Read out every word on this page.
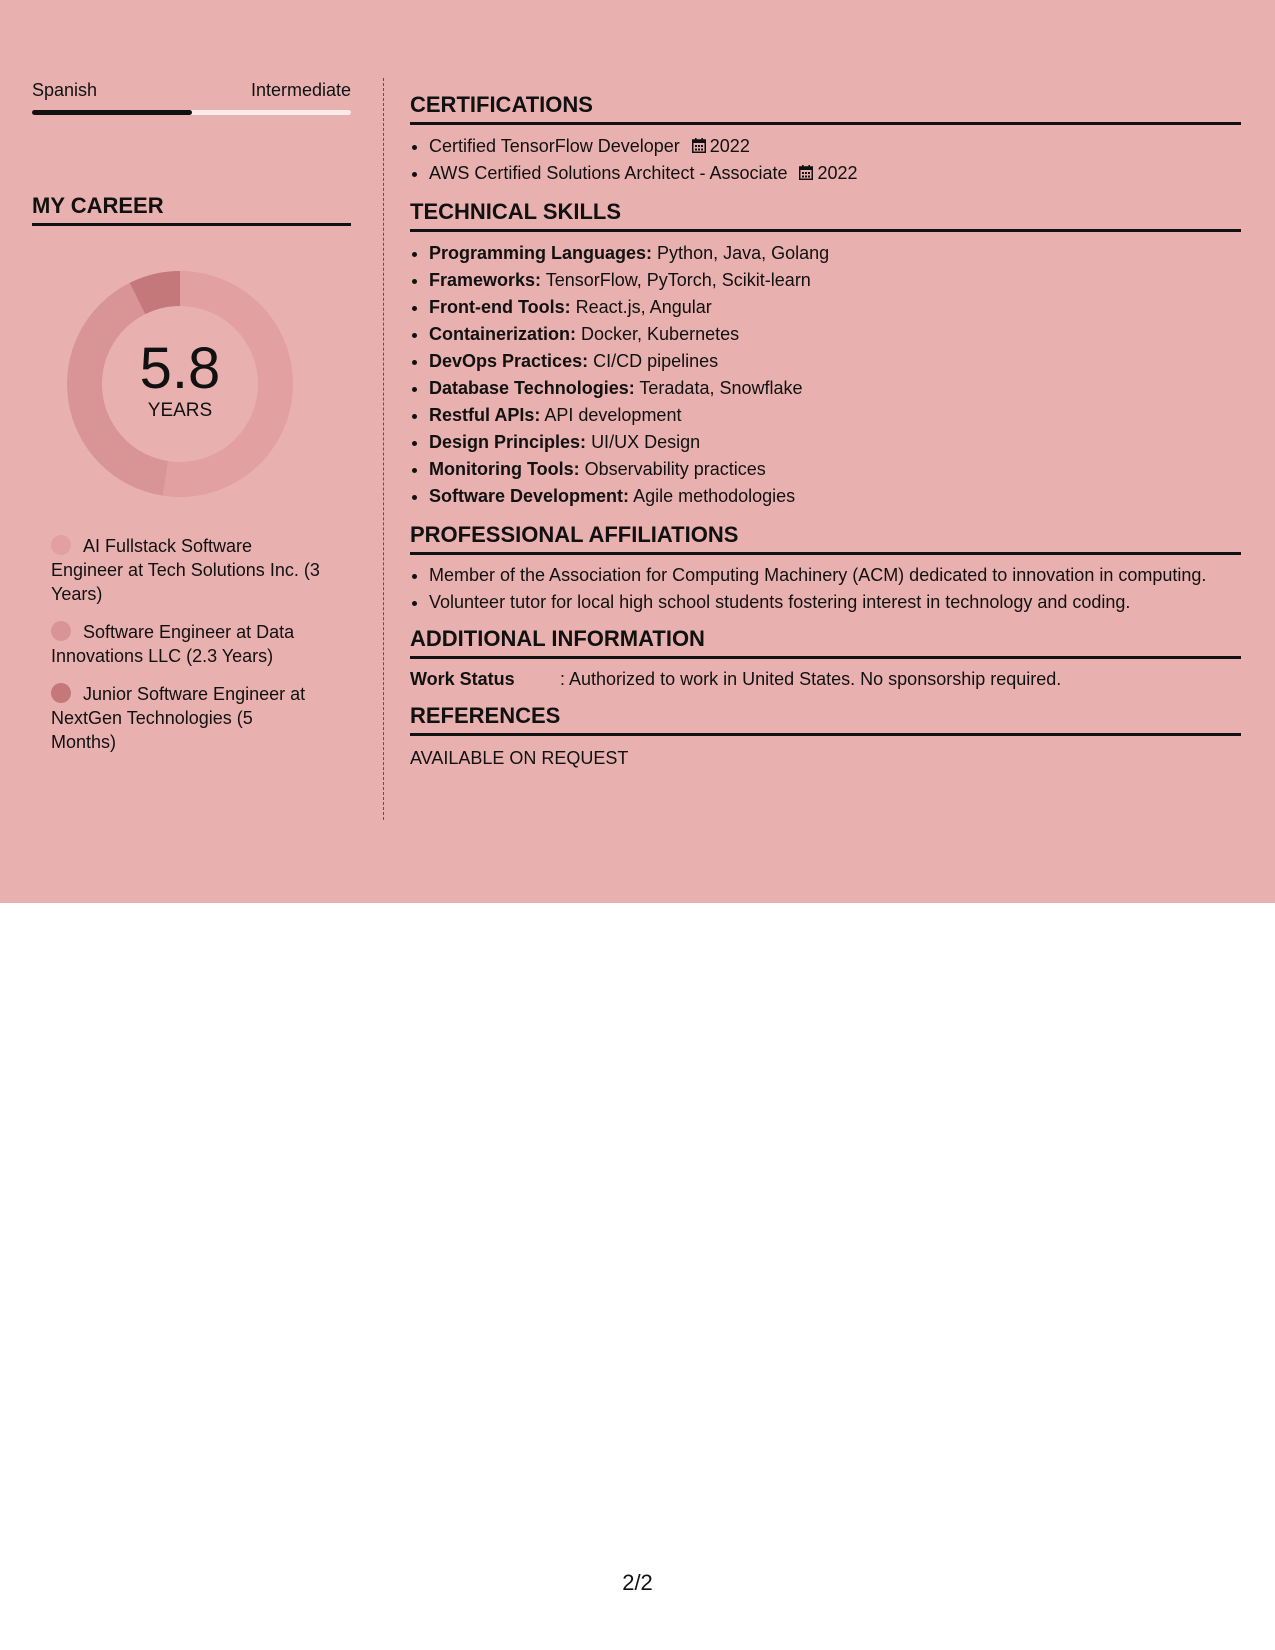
Spanish	Intermediate
MY CAREER
5.8
YEARS
AI Fullstack Software Engineer at Tech Solutions Inc. (3 Years)
Software Engineer at Data Innovations LLC (2.3 Years)
Junior Software Engineer at NextGen Technologies (5 Months)
CERTIFICATIONS
• Certified TensorFlow Developer 2022
• AWS Certified Solutions Architect - Associate 2022
TECHNICAL SKILLS
• Programming Languages: Python, Java, Golang
• Frameworks: TensorFlow, PyTorch, Scikit-learn
• Front-end Tools: React.js, Angular
• Containerization: Docker, Kubernetes
• DevOps Practices: CI/CD pipelines
• Database Technologies: Teradata, Snowflake
• Restful APIs: API development
• Design Principles: UI/UX Design
• Monitoring Tools: Observability practices
• Software Development: Agile methodologies
PROFESSIONAL AFFILIATIONS
• Member of the Association for Computing Machinery (ACM) dedicated to innovation in computing.
• Volunteer tutor for local high school students fostering interest in technology and coding.
ADDITIONAL INFORMATION
Work Status	: Authorized to work in United States. No sponsorship required.
REFERENCES
AVAILABLE ON REQUEST
2/2
